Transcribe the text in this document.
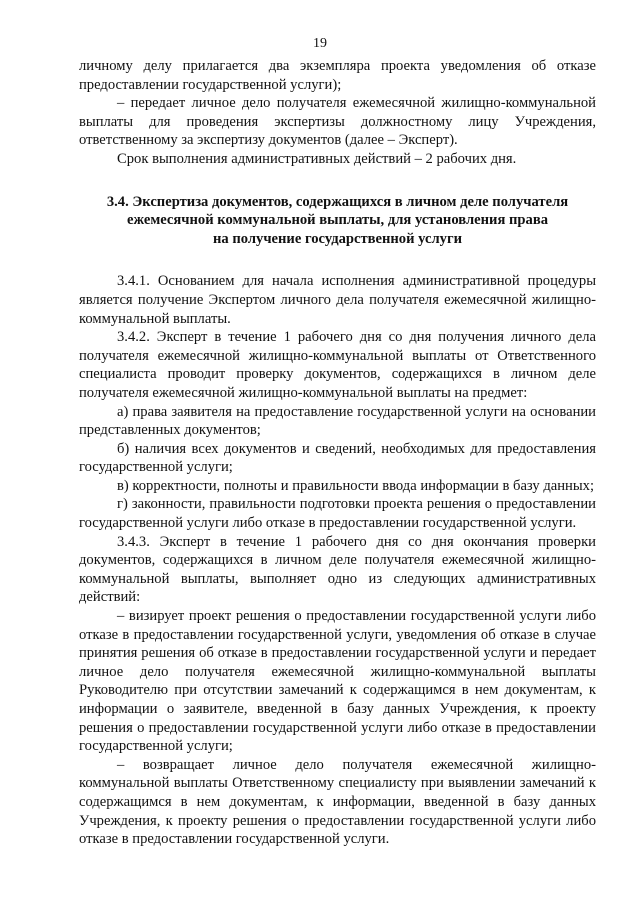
19

личному делу прилагается два экземпляра проекта уведомления об отказе предоставлении государственной услуги);

– передает личное дело получателя ежемесячной жилищно-коммунальной выплаты для проведения экспертизы должностному лицу Учреждения, ответственному за экспертизу документов (далее – Эксперт).

Срок выполнения административных действий – 2 рабочих дня.

3.4. Экспертиза документов, содержащихся в личном деле получателя
ежемесячной коммунальной выплаты, для установления права
на получение государственной услуги

3.4.1. Основанием для начала исполнения административной процедуры является получение Экспертом личного дела получателя ежемесячной жилищно-коммунальной выплаты.

3.4.2. Эксперт в течение 1 рабочего дня со дня получения личного дела получателя ежемесячной жилищно-коммунальной выплаты от Ответственного специалиста проводит проверку документов, содержащихся в личном деле получателя ежемесячной жилищно-коммунальной выплаты на предмет:

а) права заявителя на предоставление государственной услуги на основании представленных документов;

б) наличия всех документов и сведений, необходимых для предоставления государственной услуги;

в) корректности, полноты и правильности ввода информации в базу данных;

г) законности, правильности подготовки проекта решения о предоставлении государственной услуги либо отказе в предоставлении государственной услуги.

3.4.3. Эксперт в течение 1 рабочего дня со дня окончания проверки документов, содержащихся в личном деле получателя ежемесячной жилищно-коммунальной выплаты, выполняет одно из следующих административных действий:

– визирует проект решения о предоставлении государственной услуги либо отказе в предоставлении государственной услуги, уведомления об отказе в случае принятия решения об отказе в предоставлении государственной услуги и передает личное дело получателя ежемесячной жилищно-коммунальной выплаты Руководителю при отсутствии замечаний к содержащимся в нем документам, к информации о заявителе, введенной в базу данных Учреждения, к проекту решения о предоставлении государственной услуги либо отказе в предоставлении государственной услуги;

– возвращает личное дело получателя ежемесячной жилищно-коммунальной выплаты Ответственному специалисту при выявлении замечаний к содержащимся в нем документам, к информации, введенной в базу данных Учреждения, к проекту решения о предоставлении государственной услуги либо отказе в предоставлении государственной услуги.
